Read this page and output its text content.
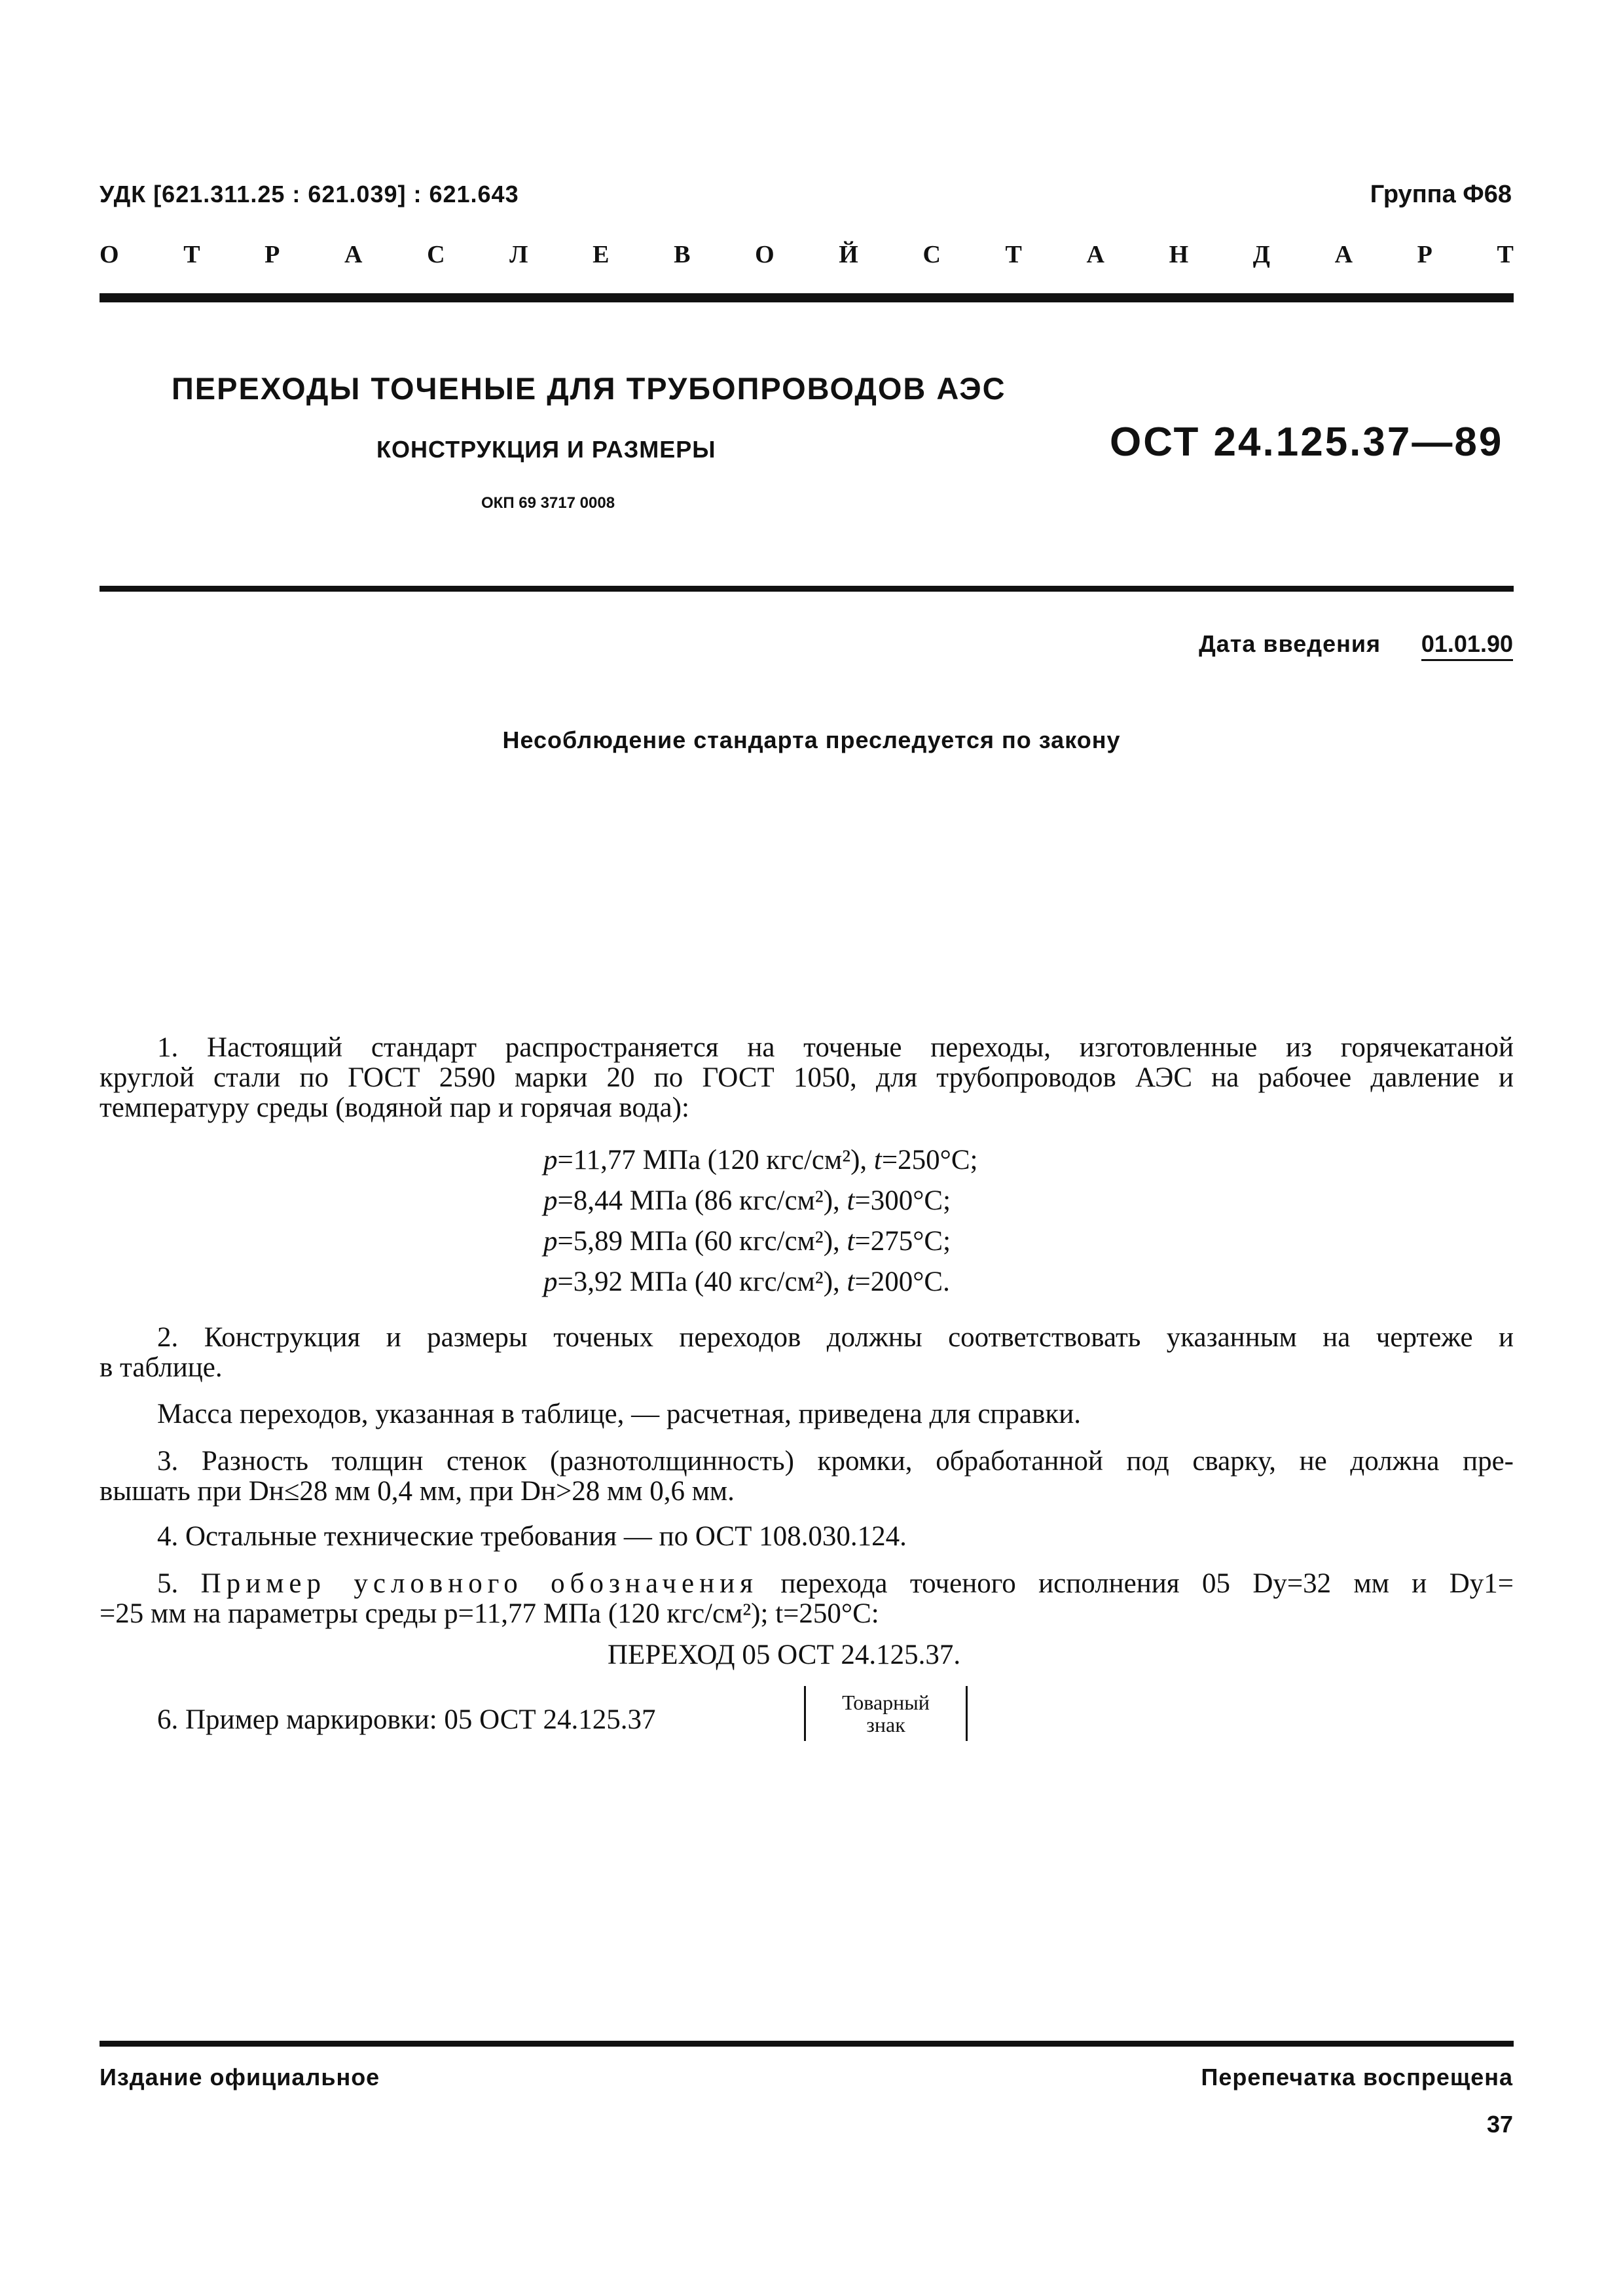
УДК [621.311.25 : 621.039] : 621.643	Группа Ф68
О	Т	Р	А	С	Л	Е	В	О	Й	С	Т	А	Н	Д	А	Р	Т
ПЕРЕХОДЫ ТОЧЕНЫЕ ДЛЯ ТРУБОПРОВОДОВ АЭС
КОНСТРУКЦИЯ И РАЗМЕРЫ
ОКП 69 3717 0008
ОСТ 24.125.37—89
Дата введения 01.01.90
Несоблюдение стандарта преследуется по закону
1. Настоящий стандарт распространяется на точеные переходы, изготовленные из горячекатаной
круглой стали по ГОСТ 2590 марки 20 по ГОСТ 1050, для трубопроводов АЭС на рабочее давление и
температуру среды (водяной пар и горячая вода):
p=11,77 МПа (120 кгс/см²), t=250°С;
p=8,44 МПа (86 кгс/см²), t=300°С;
p=5,89 МПа (60 кгс/см²), t=275°С;
p=3,92 МПа (40 кгс/см²), t=200°С.
2. Конструкция и размеры точеных переходов должны соответствовать указанным на чертеже и
в таблице.
Масса переходов, указанная в таблице, — расчетная, приведена для справки.
3. Разность толщин стенок (разнотолщинность) кромки, обработанной под сварку, не должна пре-
вышать при Dн≤28 мм 0,4 мм, при Dн>28 мм 0,6 мм.
4. Остальные технические требования — по ОСТ 108.030.124.
5. Пример условного обозначения перехода точеного исполнения 05 Dу=32 мм и Dу1=
=25 мм на параметры среды p=11,77 МПа (120 кгс/см²); t=250°С:
ПЕРЕХОД 05 ОСТ 24.125.37.
6. Пример маркировки: 05 ОСТ 24.125.37
Товарный
знак
Издание официальное	Перепечатка воспрещена
37
